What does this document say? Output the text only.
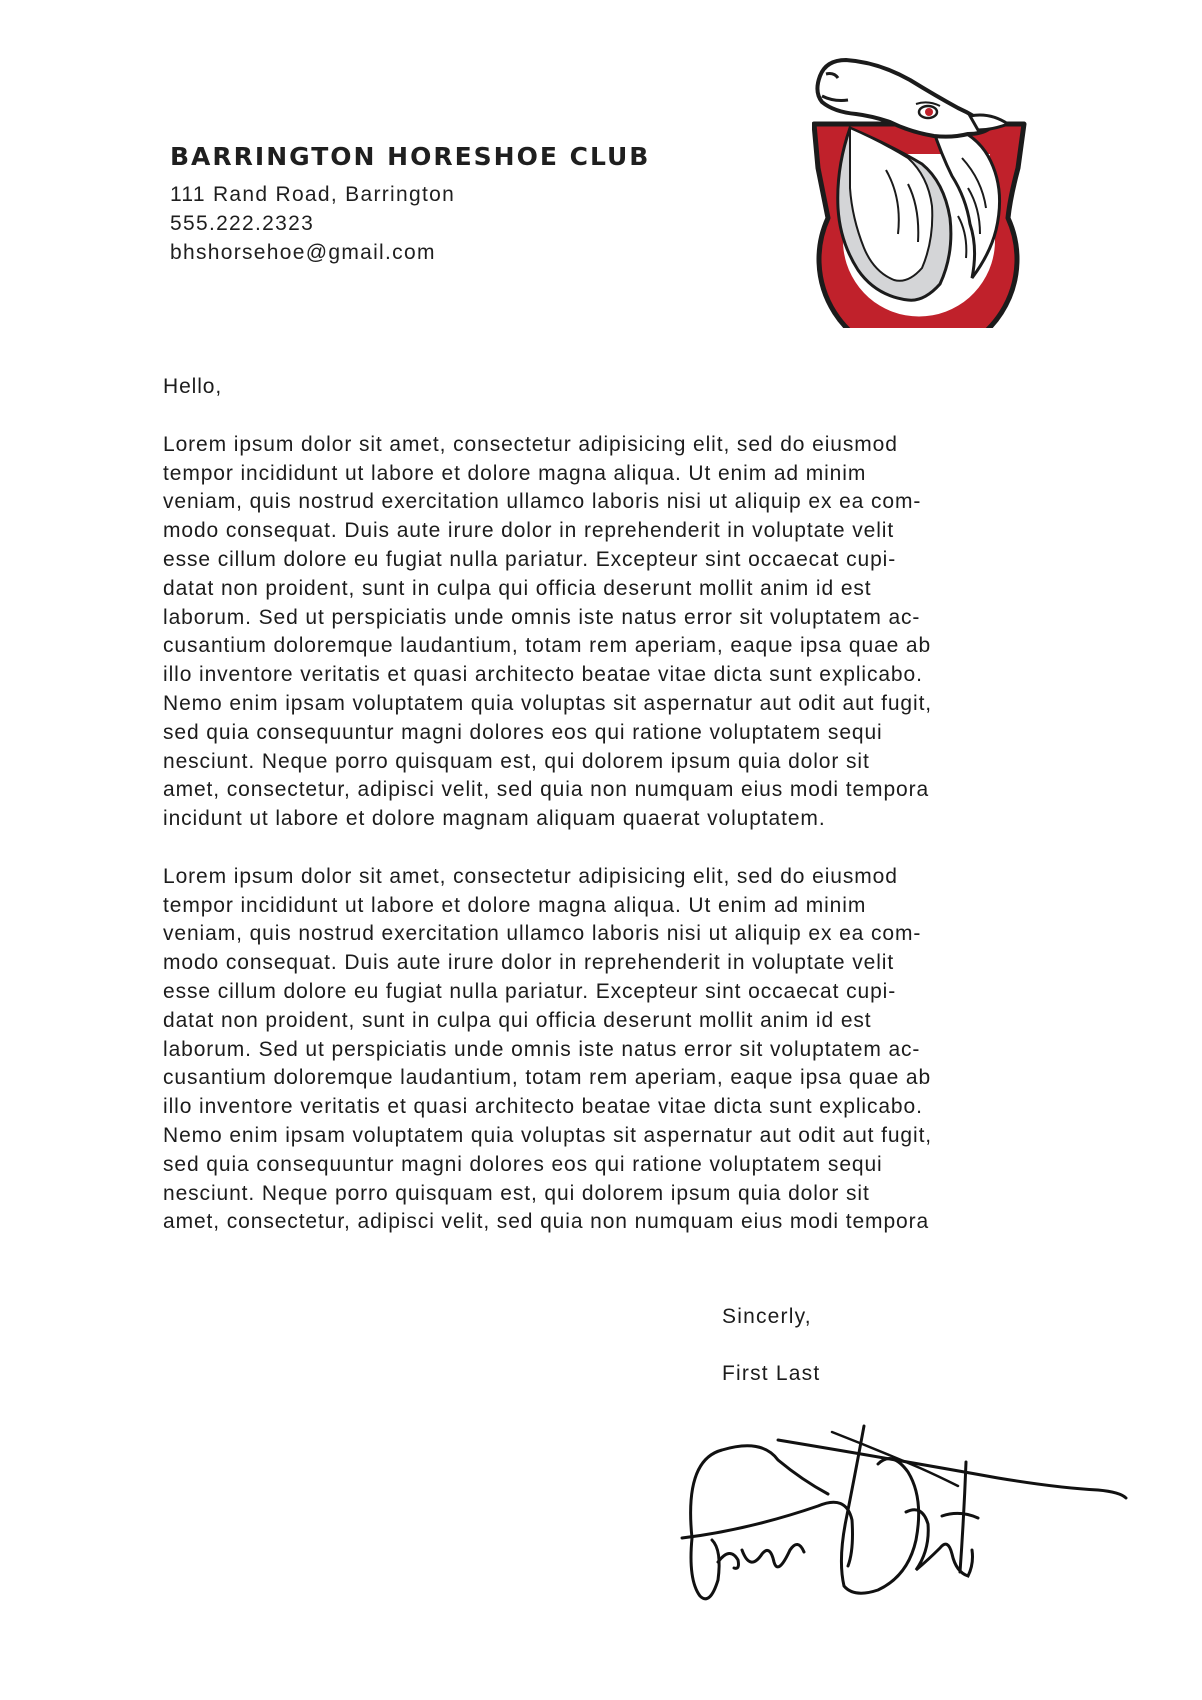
BARRINGTON HORESHOE CLUB
111 Rand Road, Barrington
555.222.2323
bhshorsehoe@gmail.com

Hello,

Lorem ipsum dolor sit amet, consectetur adipisicing elit, sed do eiusmod
tempor incididunt ut labore et dolore magna aliqua. Ut enim ad minim
veniam, quis nostrud exercitation ullamco laboris nisi ut aliquip ex ea com-
modo consequat. Duis aute irure dolor in reprehenderit in voluptate velit
esse cillum dolore eu fugiat nulla pariatur. Excepteur sint occaecat cupi-
datat non proident, sunt in culpa qui officia deserunt mollit anim id est
laborum. Sed ut perspiciatis unde omnis iste natus error sit voluptatem ac-
cusantium doloremque laudantium, totam rem aperiam, eaque ipsa quae ab
illo inventore veritatis et quasi architecto beatae vitae dicta sunt explicabo.
Nemo enim ipsam voluptatem quia voluptas sit aspernatur aut odit aut fugit,
sed quia consequuntur magni dolores eos qui ratione voluptatem sequi
nesciunt. Neque porro quisquam est, qui dolorem ipsum quia dolor sit
amet, consectetur, adipisci velit, sed quia non numquam eius modi tempora
incidunt ut labore et dolore magnam aliquam quaerat voluptatem.

Lorem ipsum dolor sit amet, consectetur adipisicing elit, sed do eiusmod
tempor incididunt ut labore et dolore magna aliqua. Ut enim ad minim
veniam, quis nostrud exercitation ullamco laboris nisi ut aliquip ex ea com-
modo consequat. Duis aute irure dolor in reprehenderit in voluptate velit
esse cillum dolore eu fugiat nulla pariatur. Excepteur sint occaecat cupi-
datat non proident, sunt in culpa qui officia deserunt mollit anim id est
laborum. Sed ut perspiciatis unde omnis iste natus error sit voluptatem ac-
cusantium doloremque laudantium, totam rem aperiam, eaque ipsa quae ab
illo inventore veritatis et quasi architecto beatae vitae dicta sunt explicabo.
Nemo enim ipsam voluptatem quia voluptas sit aspernatur aut odit aut fugit,
sed quia consequuntur magni dolores eos qui ratione voluptatem sequi
nesciunt. Neque porro quisquam est, qui dolorem ipsum quia dolor sit
amet, consectetur, adipisci velit, sed quia non numquam eius modi tempora

Sincerly,
First Last
